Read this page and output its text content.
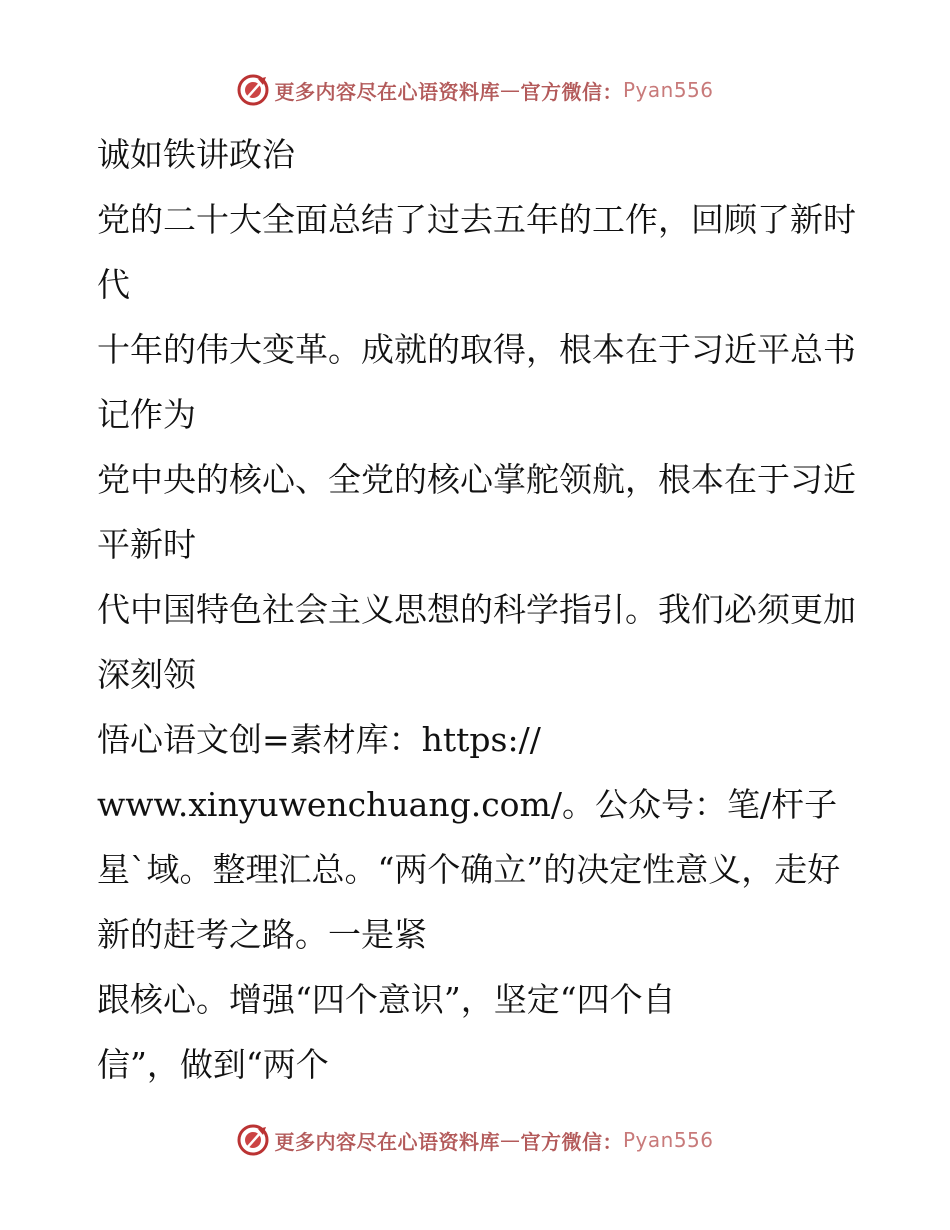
更多内容尽在心语资料库 — 官方微信： Pyan556

诚如铁讲政治

党的二十大全面总结了过去五年的工作，回顾了新时代

十年的伟大变革。成就的取得，根本在于习近平总书记作为

党中央的核心、全党的核心掌舵领航，根本在于习近平新时

代中国特色社会主义思想的科学指引。我们必须更加深刻领

悟心语文创=素材库：https://

www.xinyuwenchuang.com/。公众号：笔/杆子星`域。整理汇总。“两个确立”的决定性意义，走好新的赶考之路。一是紧

跟核心。增强“四个意识”，坚定“四个自

信”，做到“两个

更多内容尽在心语资料库 — 官方微信： Pyan556
